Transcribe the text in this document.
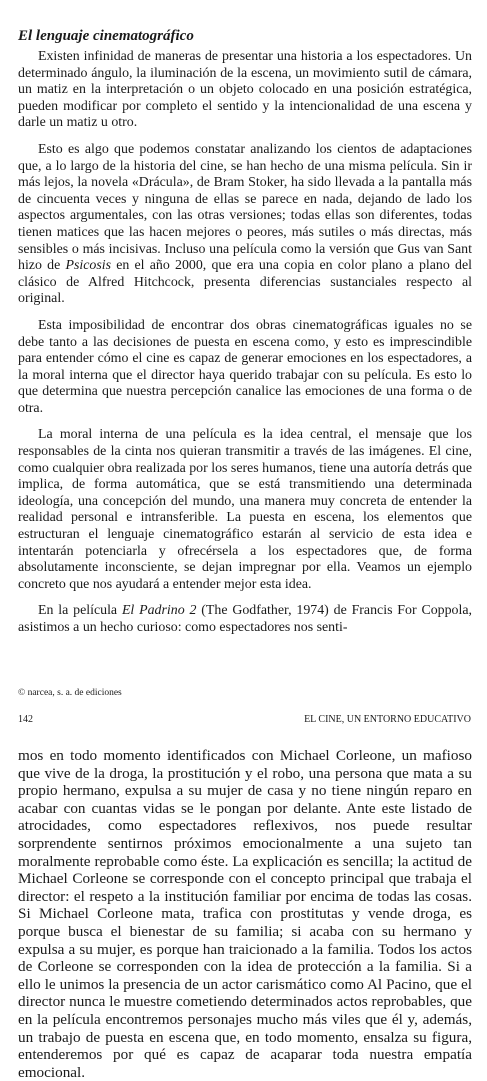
El lenguaje cinematográfico

Existen infinidad de maneras de presentar una historia a los espectadores. Un determinado ángulo, la iluminación de la escena, un movimiento sutil de cámara, un matiz en la interpretación o un objeto colocado en una posición estratégica, pueden modificar por completo el sentido y la intencionalidad de una escena y darle un matiz u otro.

Esto es algo que podemos constatar analizando los cientos de adaptaciones que, a lo largo de la historia del cine, se han hecho de una misma película. Sin ir más lejos, la novela «Drácula», de Bram Stoker, ha sido llevada a la pantalla más de cincuenta veces y ninguna de ellas se parece en nada, dejando de lado los aspectos argumentales, con las otras versiones; todas ellas son diferentes, todas tienen matices que las hacen mejores o peores, más sutiles o más directas, más sensibles o más incisivas. Incluso una película como la versión que Gus van Sant hizo de Psicosis en el año 2000, que era una copia en color plano a plano del clásico de Alfred Hitchcock, presenta diferencias sustanciales respecto al original.

Esta imposibilidad de encontrar dos obras cinematográficas iguales no se debe tanto a las decisiones de puesta en escena como, y esto es imprescindible para entender cómo el cine es capaz de generar emociones en los espectadores, a la moral interna que el director haya querido trabajar con su película. Es esto lo que determina que nuestra percepción canalice las emociones de una forma o de otra.

La moral interna de una película es la idea central, el mensaje que los responsables de la cinta nos quieran transmitir a través de las imágenes. El cine, como cualquier obra realizada por los seres humanos, tiene una autoría detrás que implica, de forma automática, que se está transmitiendo una determinada ideología, una concepción del mundo, una manera muy concreta de entender la realidad personal e intransferible. La puesta en escena, los elementos que estructuran el lenguaje cinematográfico estarán al servicio de esta idea e intentarán potenciarla y ofrecérsela a los espectadores que, de forma absolutamente inconsciente, se dejan impregnar por ella. Veamos un ejemplo concreto que nos ayudará a entender mejor esta idea.

En la película El Padrino 2 (The Godfather, 1974) de Francis For Coppola, asistimos a un hecho curioso: como espectadores nos senti-

© narcea, s. a. de ediciones
142	EL CINE, UN ENTORNO EDUCATIVO

mos en todo momento identificados con Michael Corleone, un mafioso que vive de la droga, la prostitución y el robo, una persona que mata a su propio hermano, expulsa a su mujer de casa y no tiene ningún reparo en acabar con cuantas vidas se le pongan por delante. Ante este listado de atrocidades, como espectadores reflexivos, nos puede resultar sorprendente sentirnos próximos emocionalmente a una sujeto tan moralmente reprobable como éste. La explicación es sencilla; la actitud de Michael Corleone se corresponde con el concepto principal que trabaja el director: el respeto a la institución familiar por encima de todas las cosas. Si Michael Corleone mata, trafica con prostitutas y vende droga, es porque busca el bienestar de su familia; si acaba con su hermano y expulsa a su mujer, es porque han traicionado a la familia. Todos los actos de Corleone se corresponden con la idea de protección a la familia. Si a ello le unimos la presencia de un actor carismático como Al Pacino, que el director nunca le muestre cometiendo determinados actos reprobables, que en la película encontremos personajes mucho más viles que él y, además, un trabajo de puesta en escena que, en todo momento, ensalza su figura, entenderemos por qué es capaz de acaparar toda nuestra empatía emocional.
